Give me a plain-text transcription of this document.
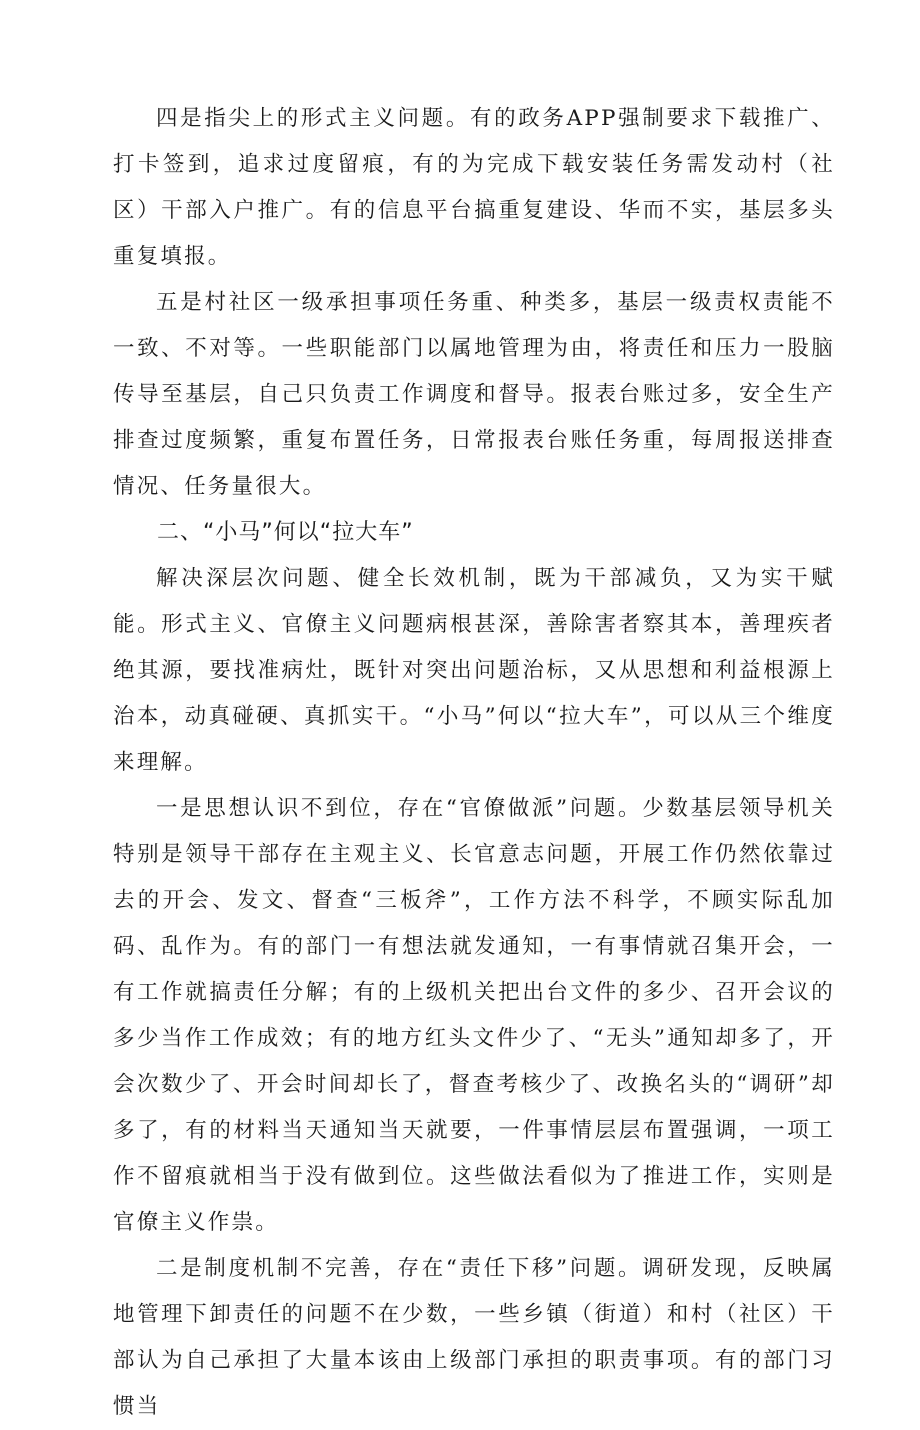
四是指尖上的形式主义问题。有的政务APP强制要求下载推广、打卡签到，追求过度留痕，有的为完成下载安装任务需发动村（社区）干部入户推广。有的信息平台搞重复建设、华而不实，基层多头重复填报。

五是村社区一级承担事项任务重、种类多，基层一级责权责能不一致、不对等。一些职能部门以属地管理为由，将责任和压力一股脑传导至基层，自己只负责工作调度和督导。报表台账过多，安全生产排查过度频繁，重复布置任务，日常报表台账任务重，每周报送排查情况、任务量很大。

二、“小马”何以“拉大车”

解决深层次问题、健全长效机制，既为干部减负，又为实干赋能。形式主义、官僚主义问题病根甚深，善除害者察其本，善理疾者绝其源，要找准病灶，既针对突出问题治标，又从思想和利益根源上治本，动真碰硬、真抓实干。“小马”何以“拉大车”，可以从三个维度来理解。

一是思想认识不到位，存在“官僚做派”问题。少数基层领导机关特别是领导干部存在主观主义、长官意志问题，开展工作仍然依靠过去的开会、发文、督查“三板斧”，工作方法不科学，不顾实际乱加码、乱作为。有的部门一有想法就发通知，一有事情就召集开会，一有工作就搞责任分解；有的上级机关把出台文件的多少、召开会议的多少当作工作成效；有的地方红头文件少了、“无头”通知却多了，开会次数少了、开会时间却长了，督查考核少了、改换名头的“调研”却多了，有的材料当天通知当天就要，一件事情层层布置强调，一项工作不留痕就相当于没有做到位。这些做法看似为了推进工作，实则是官僚主义作祟。

二是制度机制不完善，存在“责任下移”问题。调研发现，反映属地管理下卸责任的问题不在少数，一些乡镇（街道）和村（社区）干部认为自己承担了大量本该由上级部门承担的职责事项。有的部门习惯当
